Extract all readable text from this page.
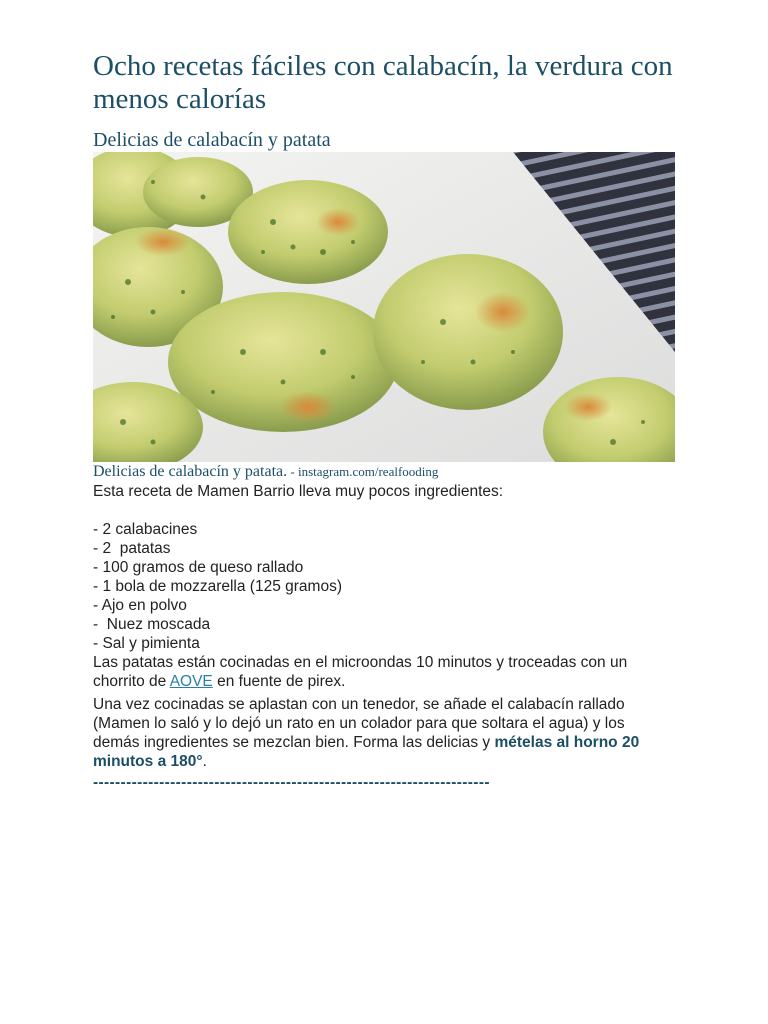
Ocho recetas fáciles con calabacín, la verdura con menos calorías
Delicias de calabacín y patata
Delicias de calabacín y patata. - instagram.com/realfooding

Esta receta de Mamen Barrio lleva muy pocos ingredientes:

- 2 calabacines
- 2  patatas
- 100 gramos de queso rallado
- 1 bola de mozzarella (125 gramos)
- Ajo en polvo
-  Nuez moscada
- Sal y pimienta

Las patatas están cocinadas en el microondas 10 minutos y troceadas con un chorrito de AOVE en fuente de pirex.

Una vez cocinadas se aplastan con un tenedor, se añade el calabacín rallado (Mamen lo saló y lo dejó un rato en un colador para que soltara el agua) y los demás ingredientes se mezclan bien. Forma las delicias y mételas al horno 20 minutos a 180°.

------------------------------------------------------------------------
